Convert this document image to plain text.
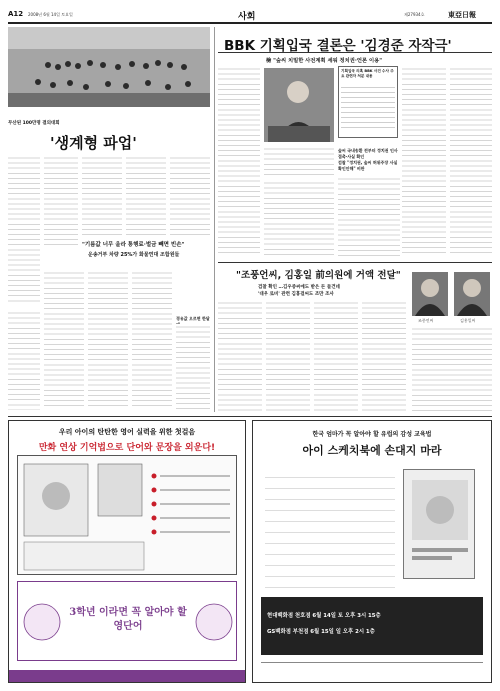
A12 2008년 6월 14일 토요일	사회	제27934호	東亞日報
무산된 100만명 결의대회
'생계형 파업'
"기름값 너무 올라 통행료·벌금 빼면 빈손"
운송거부 차량 25%가 화물연대 조합원들
경유값 오르면 한달
BBK 기획입국 결론은 '김경준 자작극'
檢 "숲씨 치밀한 사전계획 세워 정치권·언론 이용"
기획입국 의혹 BBK 사건 수사 주요 관련자 처분 내용
숲씨 국내송환 전부터 정치권 인사 접촉·사실 확인
검찰 "정치권, 숲씨 허위주장 사실 확인안해" 비판
"조풍언씨, 김홍일 前의원에 거액 전달"
검찰 확인 …김우중씨에도 받은 돈 들건네
'대우 로비' 관련 김홍걸씨도 조만 조사
조풍언씨	김홍일씨
우리 아이의 탄탄한 영어 실력을 위한 첫걸음
만화 연상 기억법으로 단어와 문장을 외운다!
3학년 이라면 꼭 알아야 할 영단어
한국 엄마가 꼭 알아야 할 유럽의 감성 교육법
아이 스케치북에 손대지 마라
현대백화점 천호점 6월 14일 토 오후 3시 15층
GS백화점 부천점 6월 15일 일 오후 2시 1층
